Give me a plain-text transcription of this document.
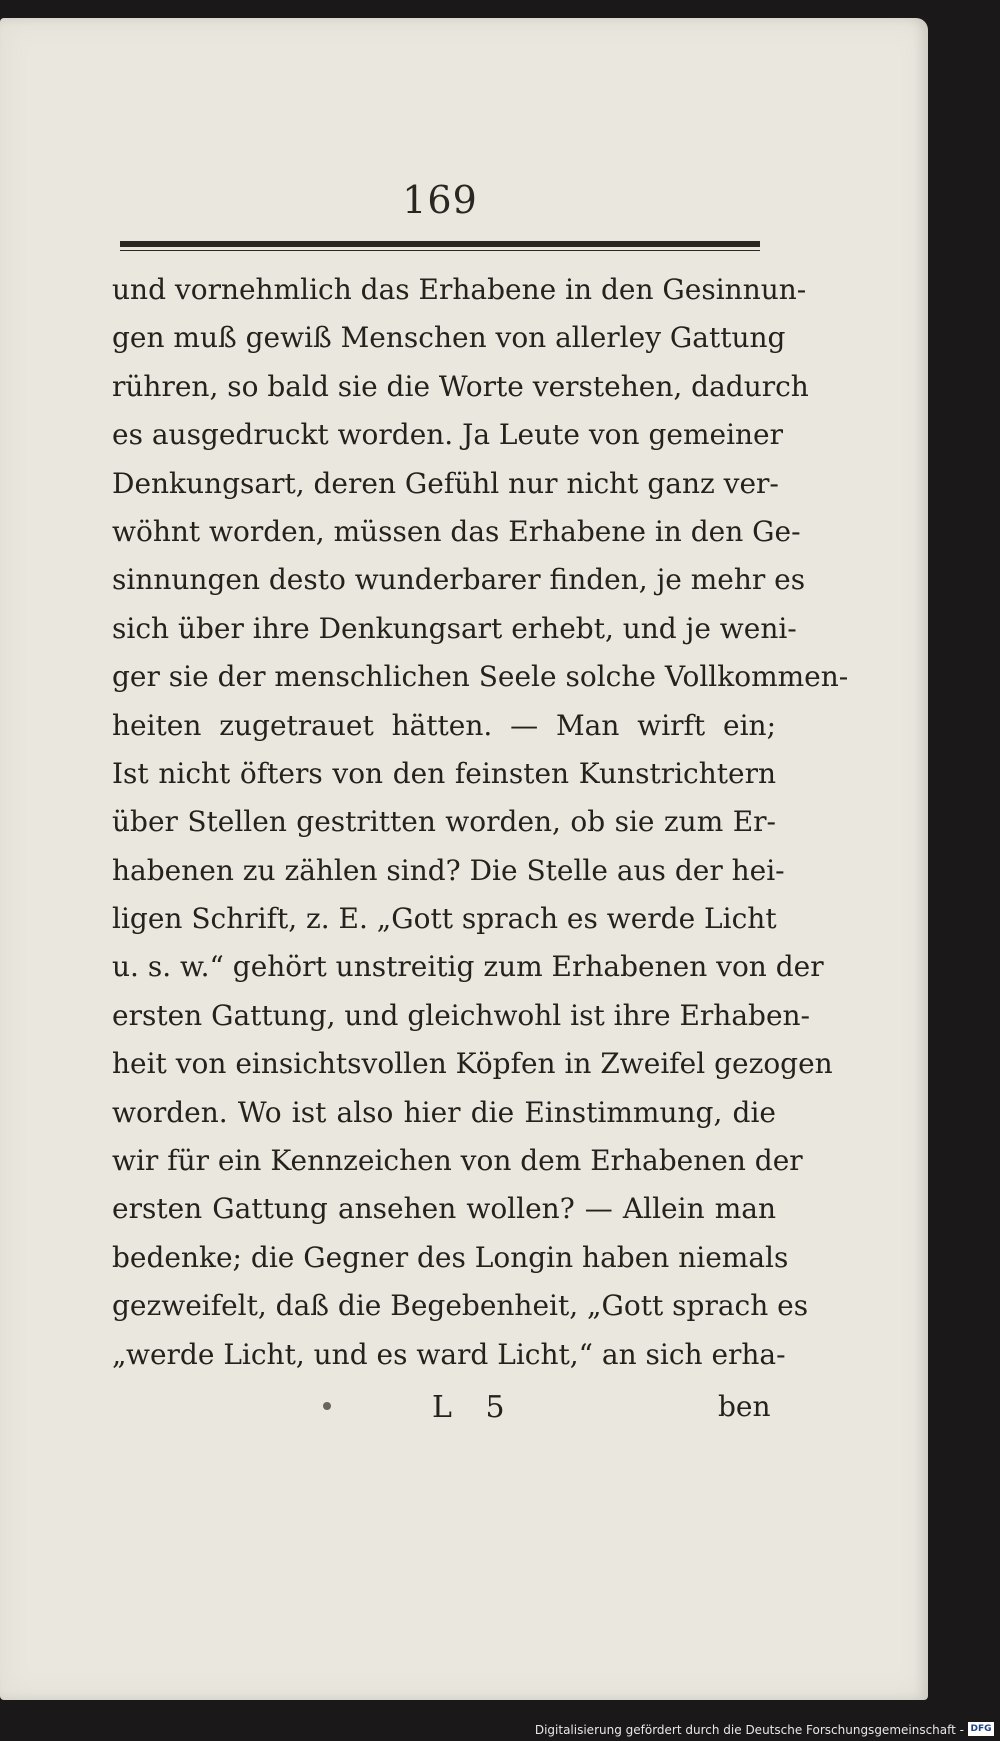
169
und vornehmlich das Erhabene in den Gesinnun-
gen muß gewiß Menschen von allerley Gattung
rühren, so bald sie die Worte verstehen, dadurch
es ausgedruckt worden. Ja Leute von gemeiner
Denkungsart, deren Gefühl nur nicht ganz ver-
wöhnt worden, müssen das Erhabene in den Ge-
sinnungen desto wunderbarer finden, je mehr es
sich über ihre Denkungsart erhebt, und je weni-
ger sie der menschlichen Seele solche Vollkommen-
heiten zugetrauet hätten. — Man wirft ein;
Ist nicht öfters von den feinsten Kunstrichtern
über Stellen gestritten worden, ob sie zum Er-
habenen zu zählen sind? Die Stelle aus der hei-
ligen Schrift, z. E. „Gott sprach es werde Licht
u. s. w.“ gehört unstreitig zum Erhabenen von der
ersten Gattung, und gleichwohl ist ihre Erhaben-
heit von einsichtsvollen Köpfen in Zweifel gezogen
worden. Wo ist also hier die Einstimmung, die
wir für ein Kennzeichen von dem Erhabenen der
ersten Gattung ansehen wollen? — Allein man
bedenke; die Gegner des Longin haben niemals
gezweifelt, daß die Begebenheit, „Gott sprach es
„werde Licht, und es ward Licht,“ an sich erha-
L 5	ben
Digitalisierung gefördert durch die Deutsche Forschungsgemeinschaft - DFG
